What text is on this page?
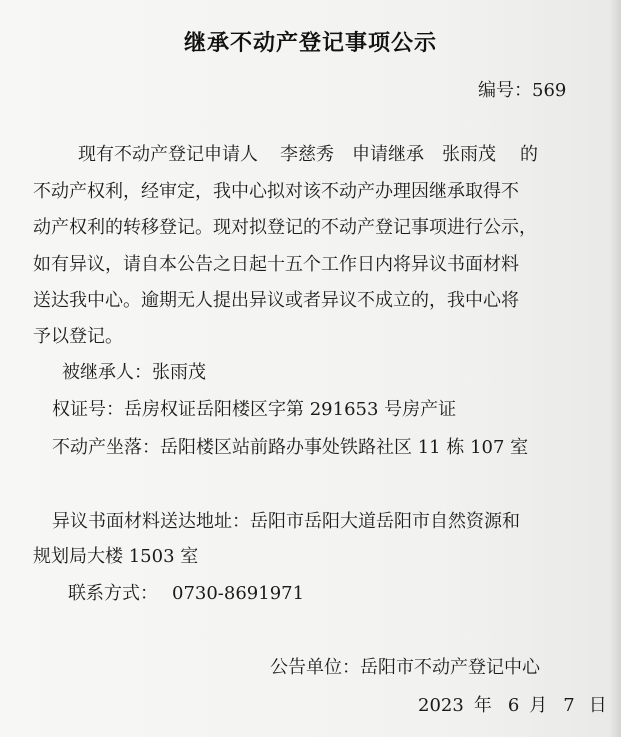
继承不动产登记事项公示
编号：569
现有不动产登记申请人 李慈秀 申请继承 张雨茂 的
不动产权利，经审定，我中心拟对该不动产办理因继承取得不
动产权利的转移登记。现对拟登记的不动产登记事项进行公示，
如有异议，请自本公告之日起十五个工作日内将异议书面材料
送达我中心。逾期无人提出异议或者异议不成立的，我中心将
予以登记。
被继承人：张雨茂
权证号：岳房权证岳阳楼区字第 291653 号房产证
不动产坐落：岳阳楼区站前路办事处铁路社区 11 栋 107 室
异议书面材料送达地址：岳阳市岳阳大道岳阳市自然资源和
规划局大楼 1503 室
联系方式： 0730-8691971
公告单位：岳阳市不动产登记中心
2023 年 6 月 7 日
